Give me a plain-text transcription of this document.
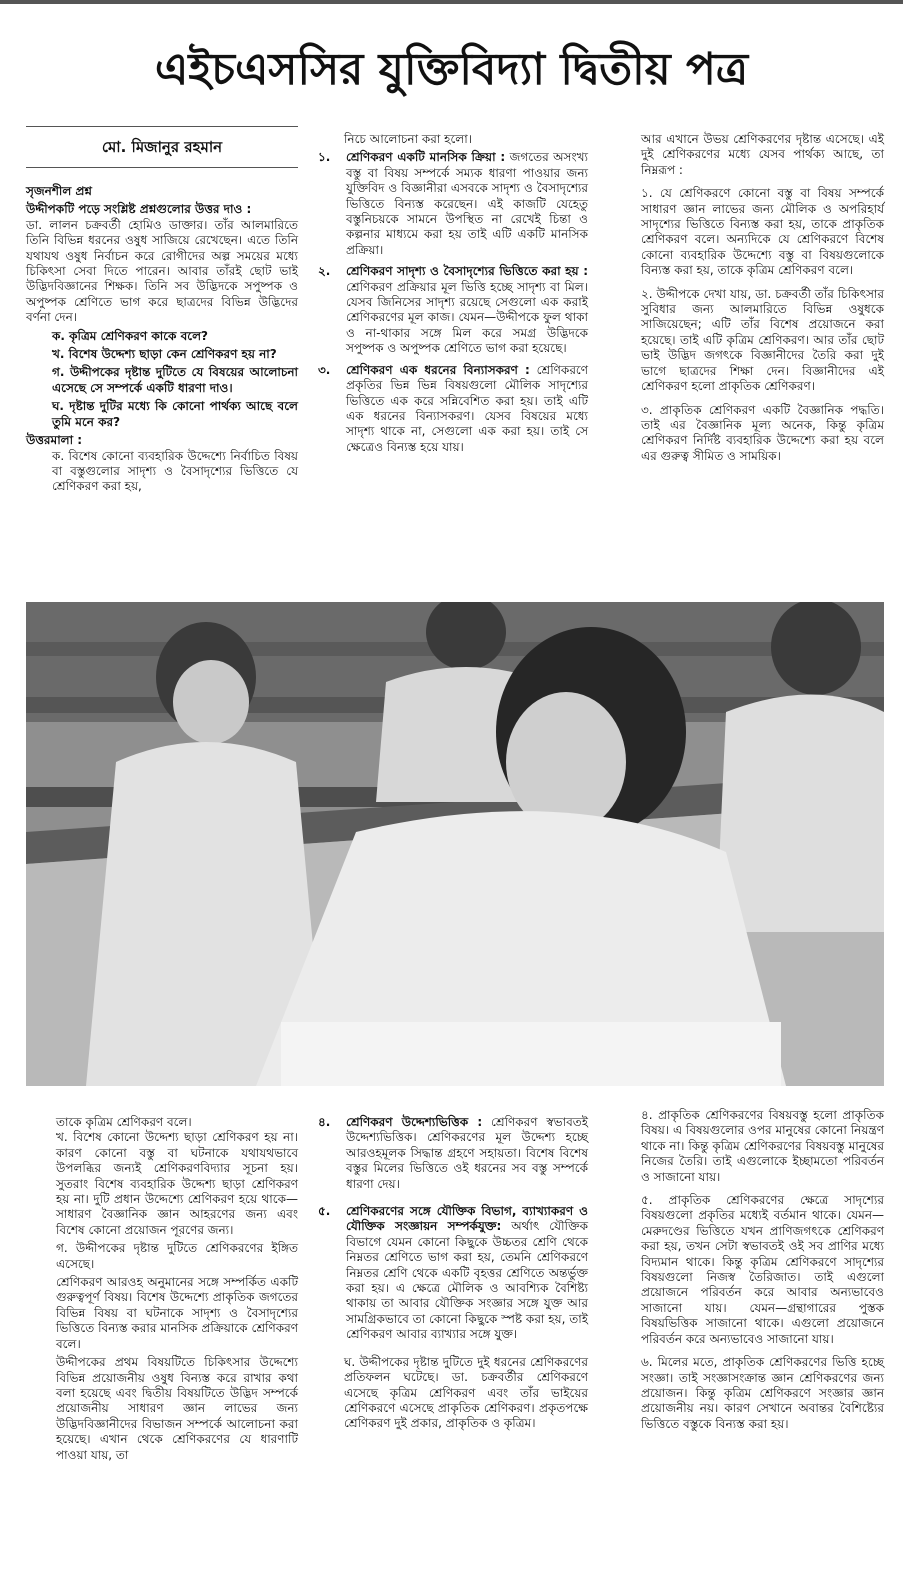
এইচএসসির যুক্তিবিদ্যা দ্বিতীয় পত্র
মো. মিজানুর রহমান

সৃজনশীল প্রশ্ন

উদ্দীপকটি পড়ে সংশ্লিষ্ট প্রশ্নগুলোর উত্তর দাও :

ডা. লালন চক্রবর্তী হোমিও ডাক্তার। তাঁর আলমারিতে তিনি বিভিন্ন ধরনের ওষুধ সাজিয়ে রেখেছেন। এতে তিনি যথাযথ ওষুধ নির্বাচন করে রোগীদের অল্প সময়ের মধ্যে চিকিৎসা সেবা দিতে পারেন। আবার তাঁরই ছোট ভাই উদ্ভিদবিজ্ঞানের শিক্ষক। তিনি সব উদ্ভিদকে সপুষ্পক ও অপুষ্পক শ্রেণিতে ভাগ করে ছাত্রদের বিভিন্ন উদ্ভিদের বর্ণনা দেন।

ক. কৃত্রিম শ্রেণিকরণ কাকে বলে?

খ. বিশেষ উদ্দেশ্য ছাড়া কেন শ্রেণিকরণ হয় না?

গ. উদ্দীপকের দৃষ্টান্ত দুটিতে যে বিষয়ের আলোচনা এসেছে সে সম্পর্কে একটি ধারণা দাও।

ঘ. দৃষ্টান্ত দুটির মধ্যে কি কোনো পার্থক্য আছে বলে তুমি মনে কর?

উত্তরমালা :

ক. বিশেষ কোনো ব্যবহারিক উদ্দেশ্যে নির্বাচিত বিষয় বা বস্তুগুলোর সাদৃশ্য ও বৈসাদৃশ্যের ভিত্তিতে যে শ্রেণিকরণ করা হয়,

নিচে আলোচনা করা হলো।

১.	শ্রেণিকরণ একটি মানসিক ক্রিয়া : জগতের অসংখ্য বস্তু বা বিষয় সম্পর্কে সম্যক ধারণা পাওয়ার জন্য যুক্তিবিদ ও বিজ্ঞানীরা এসবকে সাদৃশ্য ও বৈসাদৃশ্যের ভিত্তিতে বিন্যস্ত করেছেন। এই কাজটি যেহেতু বস্তুনিচয়কে সামনে উপস্থিত না রেখেই চিন্তা ও কল্পনার মাধ্যমে করা হয় তাই এটি একটি মানসিক প্রক্রিয়া।
২.	শ্রেণিকরণ সাদৃশ্য ও বৈসাদৃশ্যের ভিত্তিতে করা হয় : শ্রেণিকরণ প্রক্রিয়ার মূল ভিত্তি হচ্ছে সাদৃশ্য বা মিল। যেসব জিনিসের সাদৃশ্য রয়েছে সেগুলো এক করাই শ্রেণিকরণের মূল কাজ। যেমন—উদ্দীপকে ফুল থাকা ও না-থাকার সঙ্গে মিল করে সমগ্র উদ্ভিদকে সপুষ্পক ও অপুষ্পক শ্রেণিতে ভাগ করা হয়েছে।
৩.	শ্রেণিকরণ এক ধরনের বিন্যাসকরণ : শ্রেণিকরণে প্রকৃতির ভিন্ন ভিন্ন বিষয়গুলো মৌলিক সাদৃশ্যের ভিত্তিতে এক করে সন্নিবেশিত করা হয়। তাই এটি এক ধরনের বিন্যাসকরণ। যেসব বিষয়ের মধ্যে সাদৃশ্য থাকে না, সেগুলো এক করা হয়। তাই সে ক্ষেত্রেও বিন্যস্ত হয়ে যায়।

আর এখানে উভয় শ্রেণিকরণের দৃষ্টান্ত এসেছে। এই দুই শ্রেণিকরণের মধ্যে যেসব পার্থক্য আছে, তা নিম্নরূপ :

১. যে শ্রেণিকরণে কোনো বস্তু বা বিষয় সম্পর্কে সাধারণ জ্ঞান লাভের জন্য মৌলিক ও অপরিহার্য সাদৃশ্যের ভিত্তিতে বিন্যস্ত করা হয়, তাকে প্রাকৃতিক শ্রেণিকরণ বলে। অন্যদিকে যে শ্রেণিকরণে বিশেষ কোনো ব্যবহারিক উদ্দেশ্যে বস্তু বা বিষয়গুলোকে বিন্যস্ত করা হয়, তাকে কৃত্রিম শ্রেণিকরণ বলে।

২. উদ্দীপকে দেখা যায়, ডা. চক্রবর্তী তাঁর চিকিৎসার সুবিধার জন্য আলমারিতে বিভিন্ন ওষুধকে সাজিয়েছেন; এটি তাঁর বিশেষ প্রয়োজনে করা হয়েছে। তাই এটি কৃত্রিম শ্রেণিকরণ। আর তাঁর ছোট ভাই উদ্ভিদ জগৎকে বিজ্ঞানীদের তৈরি করা দুই ভাগে ছাত্রদের শিক্ষা দেন। বিজ্ঞানীদের এই শ্রেণিকরণ হলো প্রাকৃতিক শ্রেণিকরণ।

৩. প্রাকৃতিক শ্রেণিকরণ একটি বৈজ্ঞানিক পদ্ধতি। তাই এর বৈজ্ঞানিক মূল্য অনেক, কিন্তু কৃত্রিম শ্রেণিকরণ নির্দিষ্ট ব্যবহারিক উদ্দেশ্যে করা হয় বলে এর গুরুত্ব সীমিত ও সাময়িক।

তাকে কৃত্রিম শ্রেণিকরণ বলে।

খ. বিশেষ কোনো উদ্দেশ্য ছাড়া শ্রেণিকরণ হয় না। কারণ কোনো বস্তু বা ঘটনাকে যথাযথভাবে উপলব্ধির জন্যই শ্রেণিকরণবিদ্যার সূচনা হয়। সুতরাং বিশেষ ব্যবহারিক উদ্দেশ্য ছাড়া শ্রেণিকরণ হয় না। দুটি প্রধান উদ্দেশ্যে শ্রেণিকরণ হয়ে থাকে—সাধারণ বৈজ্ঞানিক জ্ঞান আহরণের জন্য এবং বিশেষ কোনো প্রয়োজন পূরণের জন্য।

গ. উদ্দীপকের দৃষ্টান্ত দুটিতে শ্রেণিকরণের ইঙ্গিত এসেছে।

শ্রেণিকরণ আরওহ অনুমানের সঙ্গে সম্পর্কিত একটি গুরুত্বপূর্ণ বিষয়। বিশেষ উদ্দেশ্যে প্রাকৃতিক জগতের বিভিন্ন বিষয় বা ঘটনাকে সাদৃশ্য ও বৈসাদৃশ্যের ভিত্তিতে বিন্যস্ত করার মানসিক প্রক্রিয়াকে শ্রেণিকরণ বলে।

উদ্দীপকের প্রথম বিষয়টিতে চিকিৎসার উদ্দেশ্যে বিভিন্ন প্রয়োজনীয় ওষুধ বিন্যস্ত করে রাখার কথা বলা হয়েছে এবং দ্বিতীয় বিষয়টিতে উদ্ভিদ সম্পর্কে প্রয়োজনীয় সাধারণ জ্ঞান লাভের জন্য উদ্ভিদবিজ্ঞানীদের বিভাজন সম্পর্কে আলোচনা করা হয়েছে। এখান থেকে শ্রেণিকরণের যে ধারণাটি পাওয়া যায়, তা

৪.	শ্রেণিকরণ উদ্দেশ্যভিত্তিক : শ্রেণিকরণ স্বভাবতই উদ্দেশ্যভিত্তিক। শ্রেণিকরণের মূল উদ্দেশ্য হচ্ছে আরওহমূলক সিদ্ধান্ত গ্রহণে সহায়তা। বিশেষ বিশেষ বস্তুর মিলের ভিত্তিতে ওই ধরনের সব বস্তু সম্পর্কে ধারণা দেয়।
৫.	শ্রেণিকরণের সঙ্গে যৌক্তিক বিভাগ, ব্যাখ্যাকরণ ও যৌক্তিক সংজ্ঞায়ন সম্পর্কযুক্ত: অর্থাৎ যৌক্তিক বিভাগে যেমন কোনো কিছুকে উচ্চতর শ্রেণি থেকে নিম্নতর শ্রেণিতে ভাগ করা হয়, তেমনি শ্রেণিকরণে নিম্নতর শ্রেণি থেকে একটি বৃহত্তর শ্রেণিতে অন্তর্ভুক্ত করা হয়। এ ক্ষেত্রে মৌলিক ও আবশ্যিক বৈশিষ্ট্য থাকায় তা আবার যৌক্তিক সংজ্ঞার সঙ্গে যুক্ত আর সামগ্রিকভাবে তা কোনো কিছুকে স্পষ্ট করা হয়, তাই শ্রেণিকরণ আবার ব্যাখ্যার সঙ্গে যুক্ত।

ঘ. উদ্দীপকের দৃষ্টান্ত দুটিতে দুই ধরনের শ্রেণিকরণের প্রতিফলন ঘটেছে। ডা. চক্রবর্তীর শ্রেণিকরণে এসেছে কৃত্রিম শ্রেণিকরণ এবং তাঁর ভাইয়ের শ্রেণিকরণে এসেছে প্রাকৃতিক শ্রেণিকরণ। প্রকৃতপক্ষে শ্রেণিকরণ দুই প্রকার, প্রাকৃতিক ও কৃত্রিম।

৪. প্রাকৃতিক শ্রেণিকরণের বিষয়বস্তু হলো প্রাকৃতিক বিষয়। এ বিষয়গুলোর ওপর মানুষের কোনো নিয়ন্ত্রণ থাকে না। কিন্তু কৃত্রিম শ্রেণিকরণের বিষয়বস্তু মানুষের নিজের তৈরি। তাই এগুলোকে ইচ্ছামতো পরিবর্তন ও সাজানো যায়।

৫. প্রাকৃতিক শ্রেণিকরণের ক্ষেত্রে সাদৃশ্যের বিষয়গুলো প্রকৃতির মধ্যেই বর্তমান থাকে। যেমন—মেরুদণ্ডের ভিত্তিতে যখন প্রাণিজগৎকে শ্রেণিকরণ করা হয়, তখন সেটা স্বভাবতই ওই সব প্রাণির মধ্যে বিদ্যমান থাকে। কিন্তু কৃত্রিম শ্রেণিকরণে সাদৃশ্যের বিষয়গুলো নিজস্ব তৈরিজাত। তাই এগুলো প্রয়োজনে পরিবর্তন করে আবার অন্যভাবেও সাজানো যায়। যেমন—গ্রন্থাগারের পুস্তক বিষয়ভিত্তিক সাজানো থাকে। এগুলো প্রয়োজনে পরিবর্তন করে অন্যভাবেও সাজানো যায়।

৬. মিলের মতে, প্রাকৃতিক শ্রেণিকরণের ভিত্তি হচ্ছে সংজ্ঞা। তাই সংজ্ঞাসংক্রান্ত জ্ঞান শ্রেণিকরণের জন্য প্রয়োজন। কিন্তু কৃত্রিম শ্রেণিকরণে সংজ্ঞার জ্ঞান প্রয়োজনীয় নয়। কারণ সেখানে অবান্তর বৈশিষ্ট্যের ভিত্তিতে বস্তুকে বিন্যস্ত করা হয়।
